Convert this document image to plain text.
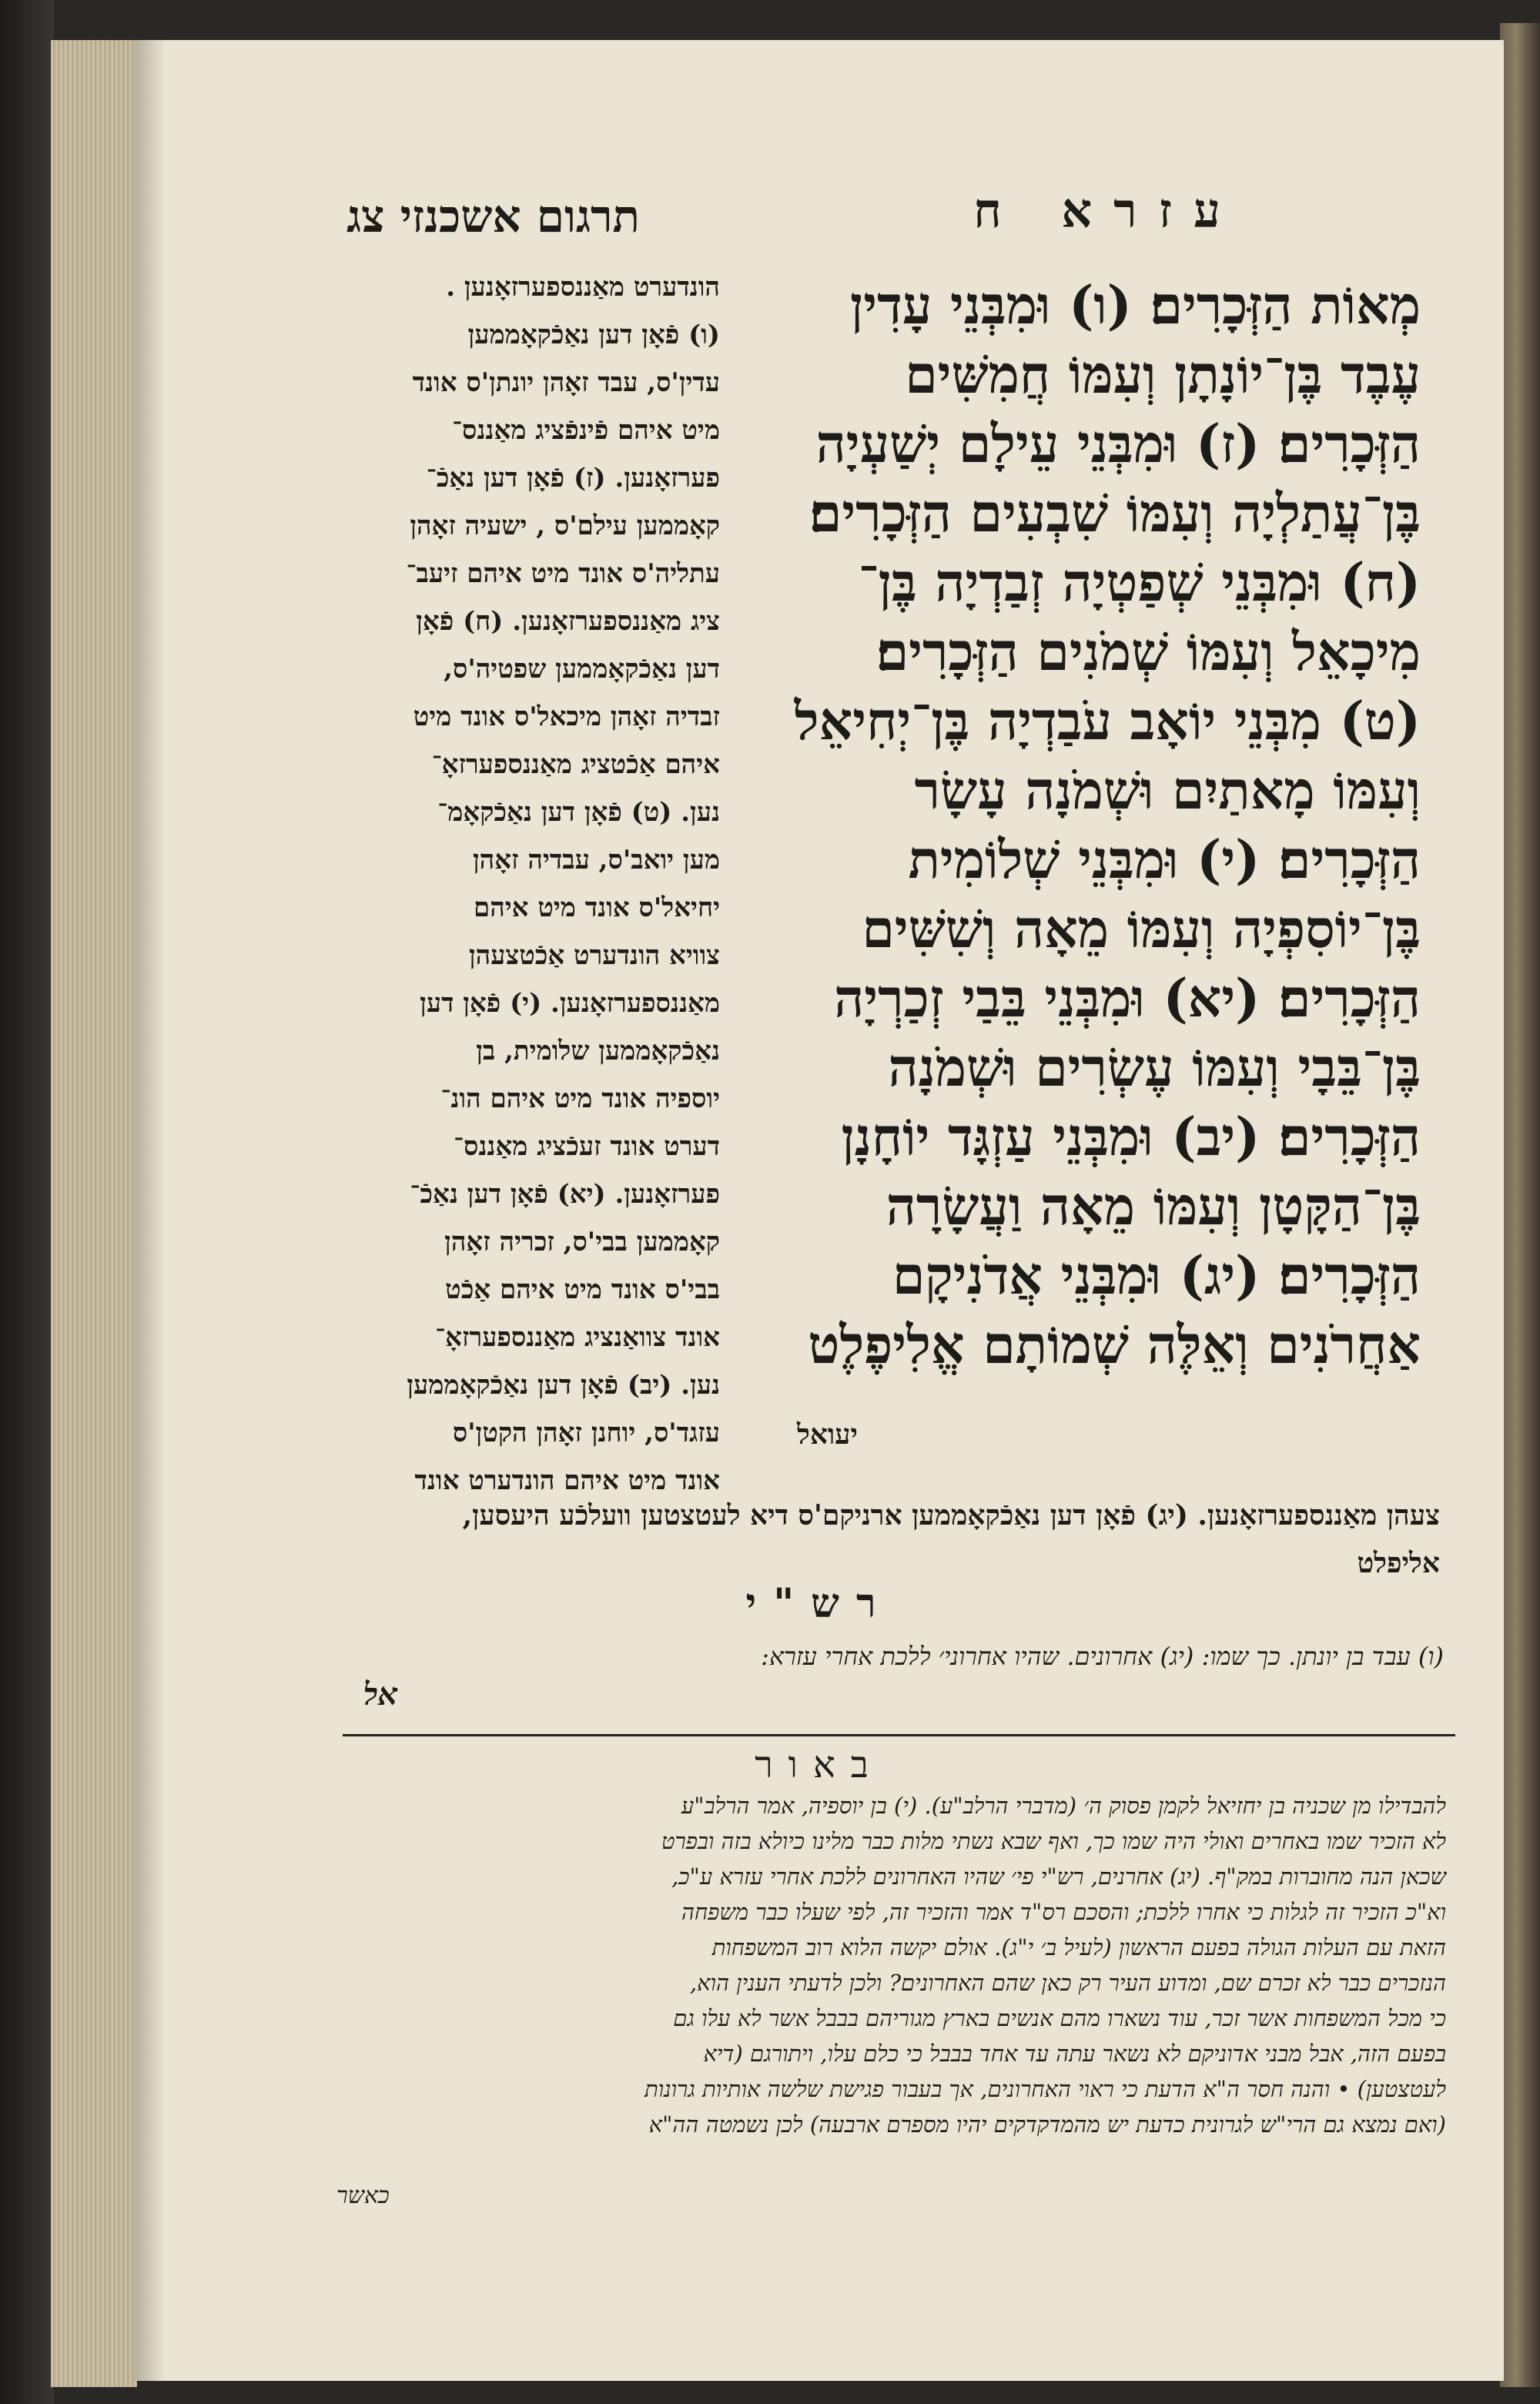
תרגום אשכנזי צג	עזרא ח

מְאוֹת הַזְּכָרִים׃ (ו) וּמִבְּנֵי עָדִין

עֶבֶד בֶּן־יוֹנָתָן וְעִמּוֹ חֲמִשִּׁים

הַזְּכָרִים׃ (ז) וּמִבְּנֵי עֵילָם יְשַׁעְיָה

בֶּן־עֲתַלְיָה וְעִמּוֹ שִׁבְעִים הַזְּכָרִים׃

(ח) וּמִבְּנֵי שְׁפַטְיָה זְבַדְיָה בֶּן־

מִיכָאֵל וְעִמּוֹ שְׁמֹנִים הַזְּכָרִים׃

(ט) מִבְּנֵי יוֹאָב עֹבַדְיָה בֶּן־יְחִיאֵל

וְעִמּוֹ מָאתַיִם וּשְׁמֹנָה עָשָׂר

הַזְּכָרִים׃ (י) וּמִבְּנֵי שְׁלוֹמִית

בֶּן־יוֹסִפְיָה וְעִמּוֹ מֵאָה וְשִׁשִּׁים

הַזְּכָרִים׃ (יא) וּמִבְּנֵי בֵּבַי זְכַרְיָה

בֶּן־בֵּבָי וְעִמּוֹ עֶשְׂרִים וּשְׁמֹנָה

הַזְּכָרִים׃ (יב) וּמִבְּנֵי עַזְגָּד יוֹחָנָן

בֶּן־הַקָּטָן וְעִמּוֹ מֵאָה וַעֲשָׂרָה

הַזְּכָרִים׃ (יג) וּמִבְּנֵי אֲדֹנִיקָם

אַחֲרֹנִים וְאֵלֶּה שְׁמוֹתָם אֱלִיפֶלֶט

יעואל

הונדערט מאַננספערזאָנען .

(ו) פֿאָן דען נאַכֿקאָממען

עדין'ס, עבד זאָהן יונתן'ס אונד

מיט איהם פֿינפֿציג מאַננס־

פערזאָנען. (ז) פֿאָן דען נאַכֿ־

קאָממען עילם'ס , ישעיה זאָהן

עתליה'ס אונד מיט איהם זיעב־

ציג מאַננספערזאָנען. (ח) פֿאָן

דען נאַכֿקאָממען שפטיה'ס,

זבדיה זאָהן מיכאל'ס אונד מיט

איהם אַכֿטציג מאַננספערזאָ־

נען. (ט) פֿאָן דען נאַכֿקאָמ־

מען יואב'ס, עבדיה זאָהן

יחיאל'ס אונד מיט איהם

צוויא הונדערט אַכֿטצעהן

מאַננספערזאָנען. (י) פֿאָן דען

נאַכֿקאָממען שלומית, בן

יוספיה אונד מיט איהם הונ־

דערט אונד זעכֿציג מאַננס־

פערזאָנען. (יא) פֿאָן דען נאַכֿ־

קאָממען בבי'ס, זכריה זאָהן

בבי'ס אונד מיט איהם אַכֿט

אונד צוואַנציג מאַננספערזאָ־

נען. (יב) פֿאָן דען נאַכֿקאָממען

עזגד'ס, יוחנן זאָהן הקטן'ס

אונד מיט איהם הונדערט אונד

צעהן מאַננספערזאָנען. (יג) פֿאָן דען נאַכֿקאָממען ארניקם'ס דיא לעטצטען וועלכֿע היעסען,

אליפלט

רש"י

(ו) עבד בן יונתן. כך שמו: (יג) אחרונים. שהיו אחרוני׳ ללכת אחרי עזרא:

אל
באור

להבדילו מן שכניה בן יחזיאל לקמן פסוק ה׳ (מדברי הרלב"ע). (י) בן יוספיה, אמר הרלב"ע

לא הזכיר שמו באחרים ואולי היה שמו כך, ואף שבא נשתי מלות כבר מלינו כיולא בזה ובפרט

שכאן הנה מחוברות במק"ף. (יג) אחרנים, רש"י פי׳ שהיו האחרונים ללכת אחרי עזרא ע"כ,

וא"כ הזכיר זה לגלות כי אחרו ללכת; והסכם רס"ד אמר והזכיר זה, לפי שעלו כבר משפחה

הזאת עם העלות הגולה בפעם הראשון (לעיל ב׳ י"ג). אולם יקשה הלוא רוב המשפחות

הנזכרים כבר לא זכרם שם, ומדוע העיר רק כאן שהם האחרונים? ולכן לדעתי הענין הוא,

כי מכל המשפחות אשר זכר, עוד נשארו מהם אנשים בארץ מגוריהם בבבל אשר לא עלו גם

בפעם הזה, אבל מבני אדוניקם לא נשאר עתה עד אחד בבבל כי כלם עלו, ויתורגם (דיא

לעטצטען) • והנה חסר ה"א הדעת כי ראוי האחרונים, אך בעבור פגישת שלשה אותיות גרונות

(ואם נמצא גם הרי"ש לגרונית כדעת יש מהמדקדקים יהיו מספרם ארבעה) לכן נשמטה הה"א

כאשר
